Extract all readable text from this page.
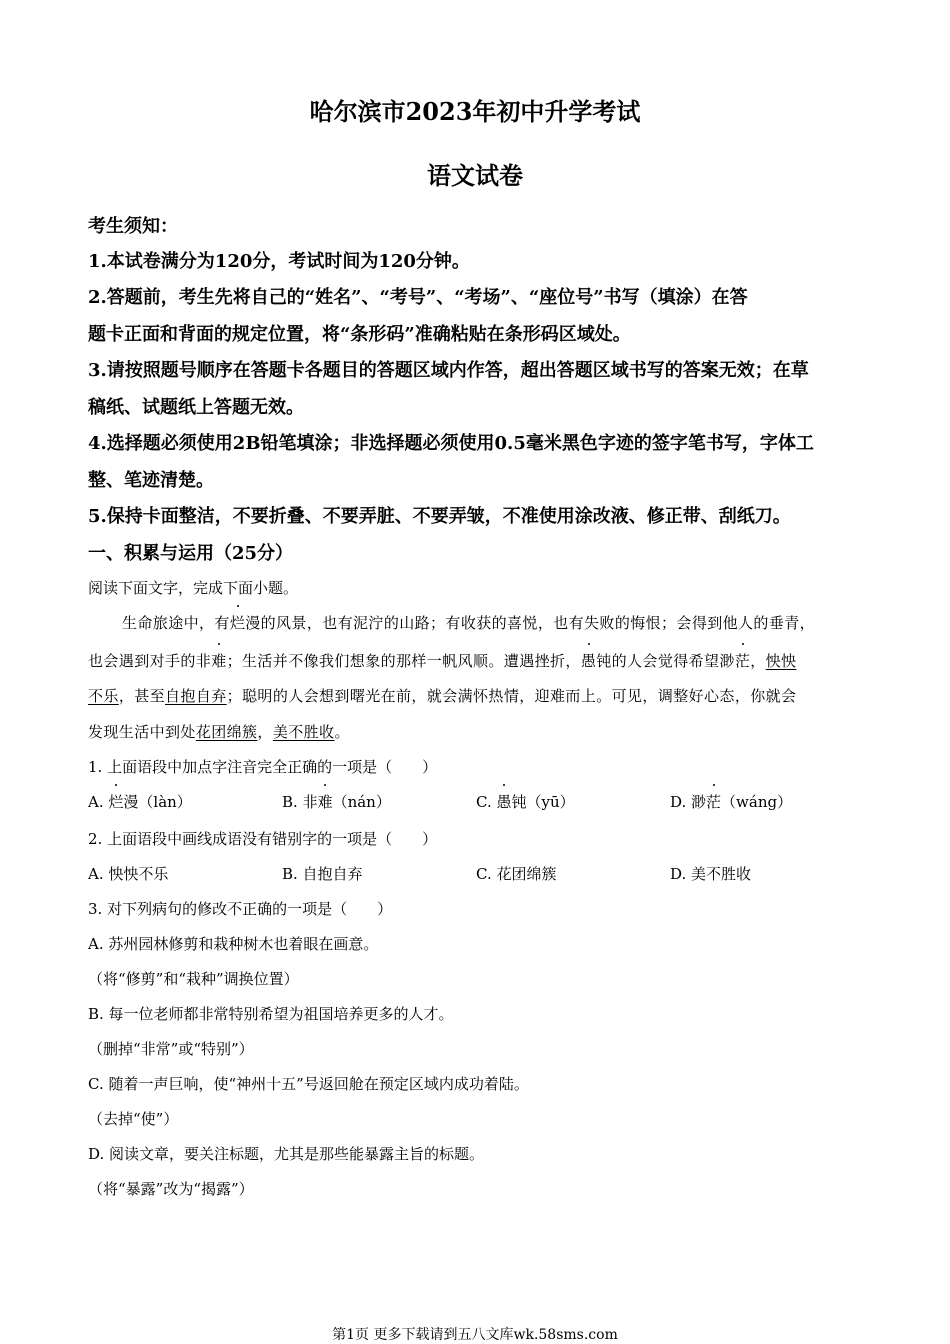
哈尔滨市2023年初中升学考试
语文试卷
考生须知：
1.本试卷满分为120分，考试时间为120分钟。
2.答题前，考生先将自己的“姓名”、“考号”、“考场”、“座位号”书写（填涂）在答
题卡正面和背面的规定位置，将“条形码”准确粘贴在条形码区域处。
3.请按照题号顺序在答题卡各题目的答题区域内作答，超出答题区域书写的答案无效；在草
稿纸、试题纸上答题无效。
4.选择题必须使用2B铅笔填涂；非选择题必须使用0.5毫米黑色字迹的签字笔书写，字体工
整、笔迹清楚。
5.保持卡面整洁，不要折叠、不要弄脏、不要弄皱，不准使用涂改液、修正带、刮纸刀。
一、积累与运用（25分）
阅读下面文字，完成下面小题。
生命旅途中，有烂漫的风景，也有泥泞的山路；有收获的喜悦，也有失败的悔恨；会得到他人的垂青，
也会遇到对手的非难；生活并不像我们想象的那样一帆风顺。遭遇挫折，愚钝的人会觉得希望渺茫，怏怏
不乐，甚至自抱自弃；聪明的人会想到曙光在前，就会满怀热情，迎难而上。可见，调整好心态，你就会
发现生活中到处花团绵簇，美不胜收。
1. 上面语段中加点字注音完全正确的一项是（　　）
A. 烂漫（làn）	B. 非难（nán）	C. 愚钝（yū）	D. 渺茫（wáng）
2. 上面语段中画线成语没有错别字的一项是（　　）
A. 怏怏不乐	B. 自抱自弃	C. 花团绵簇	D. 美不胜收
3. 对下列病句的修改不正确的一项是（　　）
A. 苏州园林修剪和栽种树木也着眼在画意。
（将“修剪”和“栽种”调换位置）
B. 每一位老师都非常特别希望为祖国培养更多的人才。
（删掉“非常”或“特别”）
C. 随着一声巨响，使“神州十五”号返回舱在预定区域内成功着陆。
（去掉“使”）
D. 阅读文章，要关注标题，尤其是那些能暴露主旨的标题。
（将“暴露”改为“揭露”）
第1页 更多下载请到五八文库wk.58sms.com
